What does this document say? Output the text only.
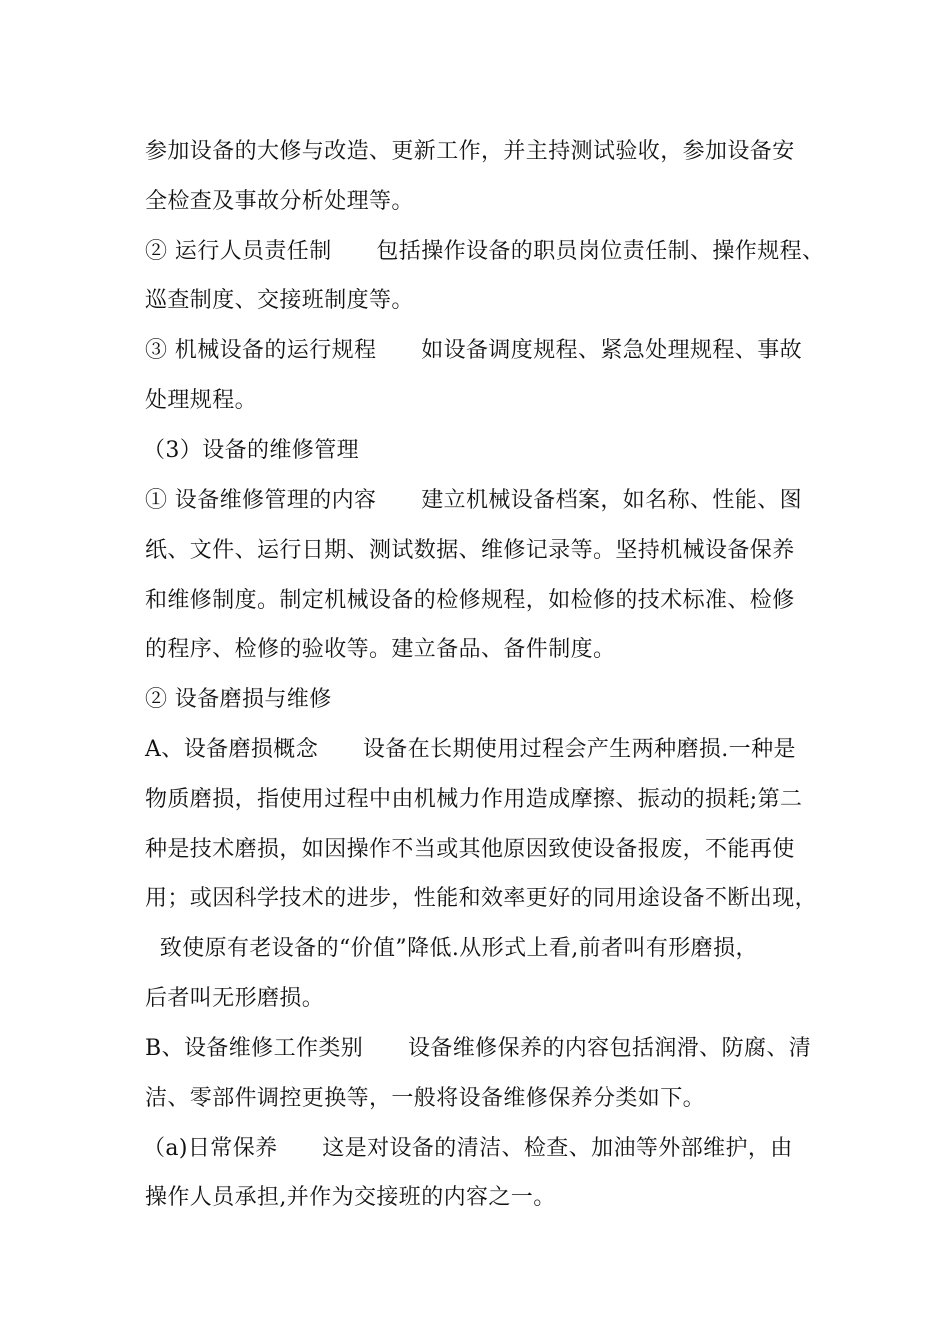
参加设备的大修与改造、更新工作，并主持测试验收，参加设备安
全检查及事故分析处理等。
② 运行人员责任制　　包括操作设备的职员岗位责任制、操作规程、
巡查制度、交接班制度等。
③ 机械设备的运行规程　　如设备调度规程、紧急处理规程、事故
处理规程。
（3）设备的维修管理
① 设备维修管理的内容　　建立机械设备档案，如名称、性能、图
纸、文件、运行日期、测试数据、维修记录等。坚持机械设备保养
和维修制度。制定机械设备的检修规程，如检修的技术标准、检修
的程序、检修的验收等。建立备品、备件制度。
② 设备磨损与维修
A、设备磨损概念　　设备在长期使用过程会产生两种磨损.一种是
物质磨损，指使用过程中由机械力作用造成摩擦、振动的损耗;第二
种是技术磨损，如因操作不当或其他原因致使设备报废，不能再使
用；或因科学技术的进步，性能和效率更好的同用途设备不断出现，
致使原有老设备的“价值”降低.从形式上看,前者叫有形磨损，
后者叫无形磨损。
B、设备维修工作类别　　设备维修保养的内容包括润滑、防腐、清
洁、零部件调控更换等，一般将设备维修保养分类如下。
（a)日常保养　　这是对设备的清洁、检查、加油等外部维护，由
操作人员承担,并作为交接班的内容之一。
